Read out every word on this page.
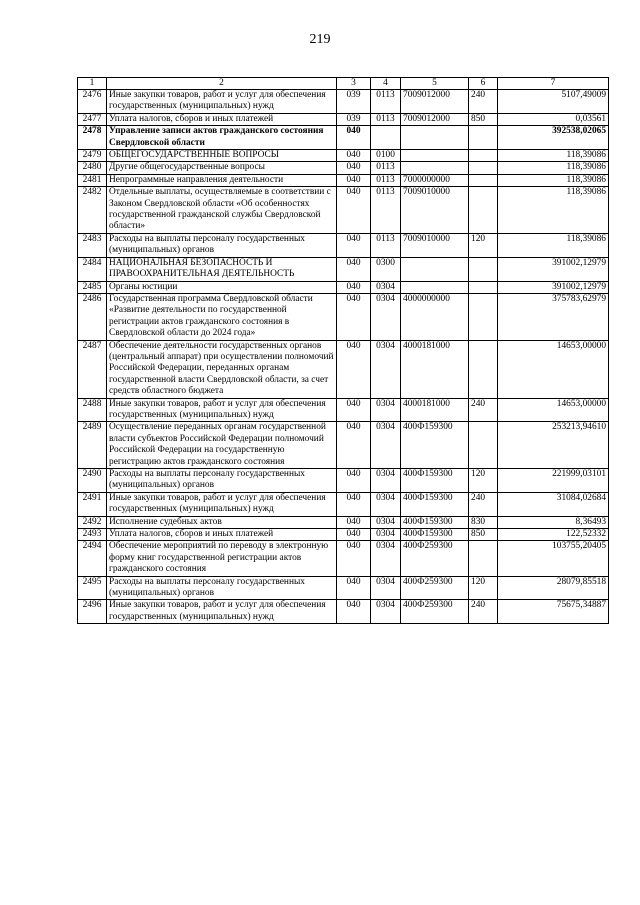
219
1	2	3	4	5	6	7
2476	Иные закупки товаров, работ и услуг для обеспечения государственных (муниципальных) нужд	039	0113	7009012000	240	5107,49009
2477	Уплата налогов, сборов и иных платежей	039	0113	7009012000	850	0,03561
2478	Управление записи актов гражданского состояния Свердловской области	040				392538,02065
2479	ОБЩЕГОСУДАРСТВЕННЫЕ ВОПРОСЫ	040	0100			118,39086
2480	Другие общегосударственные вопросы	040	0113			118,39086
2481	Непрограммные направления деятельности	040	0113	7000000000		118,39086
2482	Отдельные выплаты, осуществляемые в соответствии с Законом Свердловской области «Об особенностях государственной гражданской службы Свердловской области»	040	0113	7009010000		118,39086
2483	Расходы на выплаты персоналу государственных (муниципальных) органов	040	0113	7009010000	120	118,39086
2484	НАЦИОНАЛЬНАЯ БЕЗОПАСНОСТЬ И ПРАВООХРАНИТЕЛЬНАЯ ДЕЯТЕЛЬНОСТЬ	040	0300			391002,12979
2485	Органы юстиции	040	0304			391002,12979
2486	Государственная программа Свердловской области «Развитие деятельности по государственной регистрации актов гражданского состояния в Свердловской области до 2024 года»	040	0304	4000000000		375783,62979
2487	Обеспечение деятельности государственных органов (центральный аппарат) при осуществлении полномочий Российской Федерации, переданных органам государственной власти Свердловской области, за счет средств областного бюджета	040	0304	4000181000		14653,00000
2488	Иные закупки товаров, работ и услуг для обеспечения государственных (муниципальных) нужд	040	0304	4000181000	240	14653,00000
2489	Осуществление переданных органам государственной власти субъектов Российской Федерации полномочий Российской Федерации на государственную регистрацию актов гражданского состояния	040	0304	400Ф159300		253213,94610
2490	Расходы на выплаты персоналу государственных (муниципальных) органов	040	0304	400Ф159300	120	221999,03101
2491	Иные закупки товаров, работ и услуг для обеспечения государственных (муниципальных) нужд	040	0304	400Ф159300	240	31084,02684
2492	Исполнение судебных актов	040	0304	400Ф159300	830	8,36493
2493	Уплата налогов, сборов и иных платежей	040	0304	400Ф159300	850	122,52332
2494	Обеспечение мероприятий по переводу в электронную форму книг государственной регистрации актов гражданского состояния	040	0304	400Ф259300		103755,20405
2495	Расходы на выплаты персоналу государственных (муниципальных) органов	040	0304	400Ф259300	120	28079,85518
2496	Иные закупки товаров, работ и услуг для обеспечения государственных (муниципальных) нужд	040	0304	400Ф259300	240	75675,34887
